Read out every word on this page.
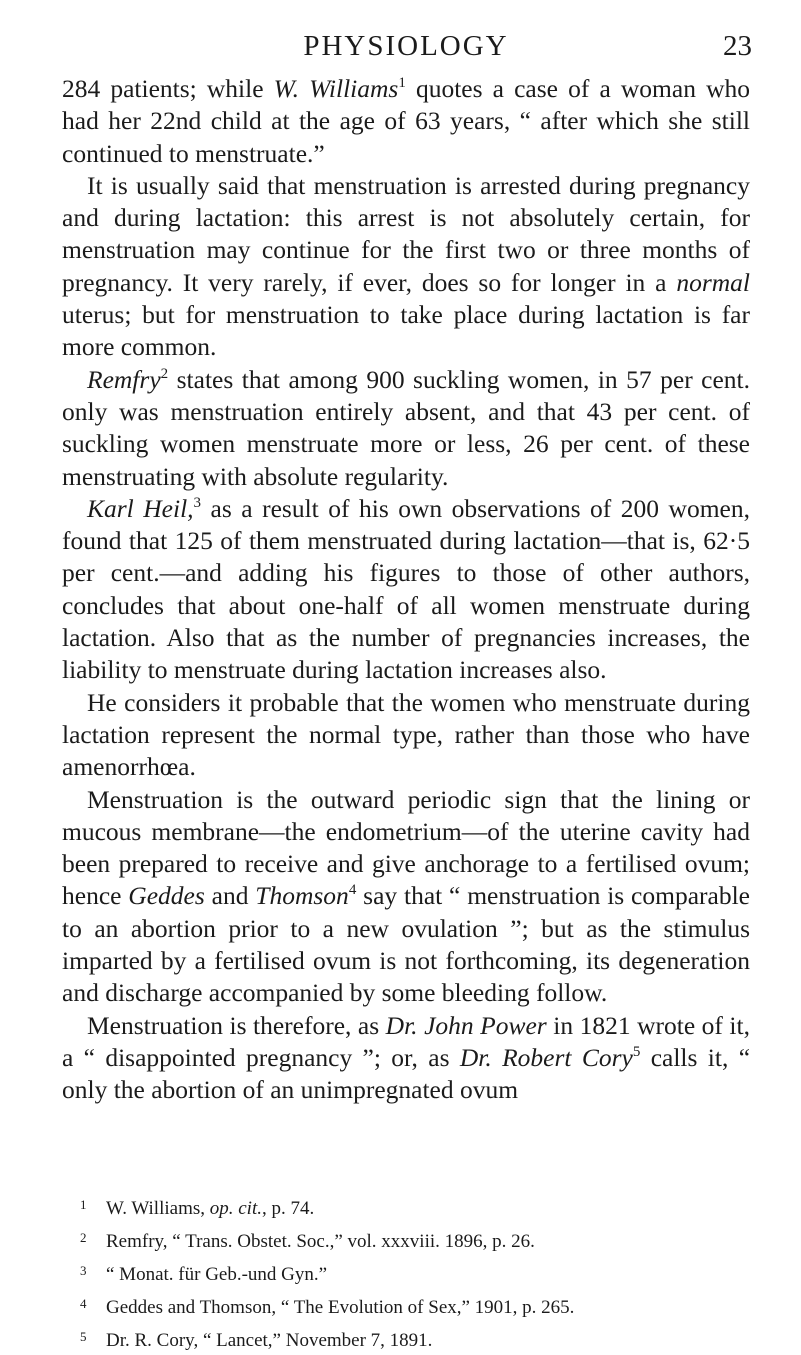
PHYSIOLOGY	23

284 patients; while W. Williams$^1$ quotes a case of a woman who had her 22nd child at the age of 63 years, “ after which she still continued to menstruate.”

It is usually said that menstruation is arrested during pregnancy and during lactation: this arrest is not absolutely certain, for menstruation may continue for the first two or three months of pregnancy. It very rarely, if ever, does so for longer in a normal uterus; but for menstruation to take place during lactation is far more common.

Remfry$^2$ states that among 900 suckling women, in 57 per cent. only was menstruation entirely absent, and that 43 per cent. of suckling women menstruate more or less, 26 per cent. of these menstruating with absolute regularity.

Karl Heil,$^3$ as a result of his own observations of 200 women, found that 125 of them menstruated during lactation—that is, 62·5 per cent.—and adding his figures to those of other authors, concludes that about one-half of all women menstruate during lactation. Also that as the number of pregnancies increases, the liability to menstruate during lactation increases also.

He considers it probable that the women who menstruate during lactation represent the normal type, rather than those who have amenorrhœa.

Menstruation is the outward periodic sign that the lining or mucous membrane—the endometrium—of the uterine cavity had been prepared to receive and give anchorage to a fertilised ovum; hence Geddes and Thomson$^4$ say that “ menstruation is comparable to an abortion prior to a new ovulation ”; but as the stimulus imparted by a fertilised ovum is not forthcoming, its degeneration and discharge accompanied by some bleeding follow.

Menstruation is therefore, as Dr. John Power in 1821 wrote of it, a “ disappointed pregnancy ”; or, as Dr. Robert Cory$^5$ calls it, “ only the abortion of an unimpregnated ovum

1 W. Williams, op. cit., p. 74.
2 Remfry, “ Trans. Obstet. Soc.,” vol. xxxviii. 1896, p. 26.
3 “ Monat. für Geb.-und Gyn.”
4 Geddes and Thomson, “ The Evolution of Sex,” 1901, p. 265.
5 Dr. R. Cory, “ Lancet,” November 7, 1891.
